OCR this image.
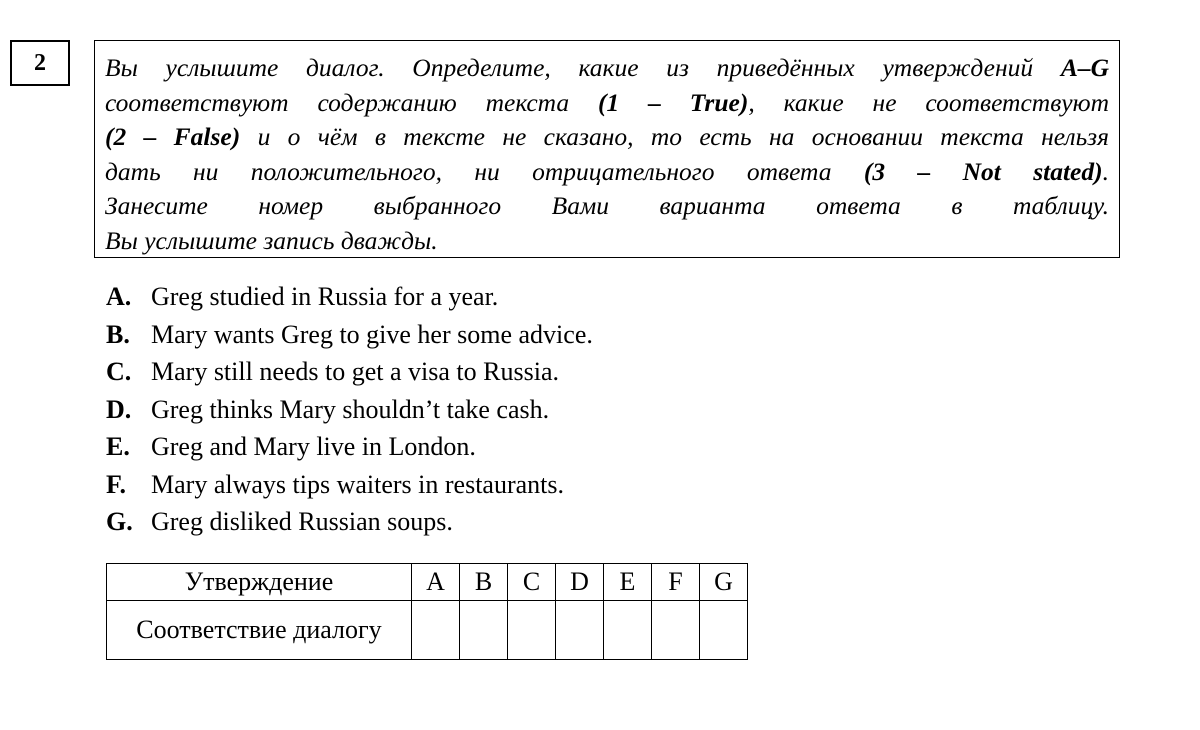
2	Вы услышите диалог. Определите, какие из приведённых утверждений A–G
соответствуют содержанию текста (1 – True), какие не соответствуют
(2 – False) и о чём в тексте не сказано, то есть на основании текста нельзя
дать ни положительного, ни отрицательного ответа (3 – Not stated).
Занесите номер выбранного Вами варианта ответа в таблицу.
Вы услышите запись дважды.
A. Greg studied in Russia for a year.
B. Mary wants Greg to give her some advice.
C. Mary still needs to get a visa to Russia.
D. Greg thinks Mary shouldn’t take cash.
E. Greg and Mary live in London.
F. Mary always tips waiters in restaurants.
G. Greg disliked Russian soups.
Утверждение	A	B	C	D	E	F	G
Соответствие диалогу							
